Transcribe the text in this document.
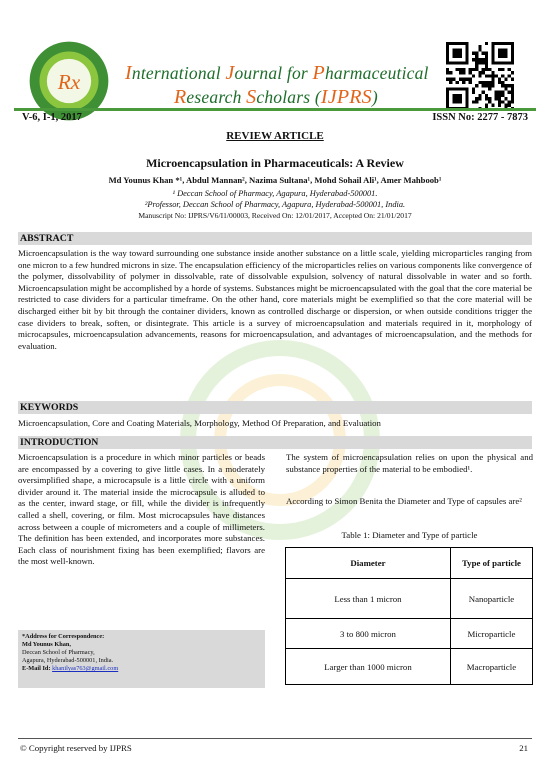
Rx International Journal for Pharmaceutical
Research Scholars (IJPRS)
V-6, I-1, 2017	ISSN No: 2277 - 7873
REVIEW ARTICLE
Microencapsulation in Pharmaceuticals: A Review
Md Younus Khan *¹, Abdul Mannan², Nazima Sultana¹, Mohd Sohail Ali¹, Amer Mahboob¹
¹ Deccan School of Pharmacy, Agapura, Hyderabad-500001.
²Professor, Deccan School of Pharmacy, Agapura, Hyderabad-500001, India.
Manuscript No: IJPRS/V6/I1/00003, Received On: 12/01/2017, Accepted On: 21/01/2017
ABSTRACT
Microencapsulation is the way toward surrounding one substance inside another substance on a little scale, yielding microparticles ranging from one micron to a few hundred microns in size. The encapsulation efficiency of the microparticles relies on various components like convergence of the polymer, dissolvability of polymer in dissolvable, rate of dissolvable expulsion, solvency of natural dissolvable in water and so forth. Microencapsulation might be accomplished by a horde of systems. Substances might be microencapsulated with the goal that the core material be restricted to case dividers for a particular timeframe. On the other hand, core materials might be exemplified so that the core material will be discharged either bit by bit through the container dividers, known as controlled discharge or dispersion, or when outside conditions trigger the case dividers to break, soften, or disintegrate. This article is a survey of microencapsulation and materials required in it, morphology of microcapsules, microencapsulation advancements, reasons for microencapsulation, and advantages of microencapsulation, and the methods for evaluation.
KEYWORDS
Microencapsulation, Core and Coating Materials, Morphology, Method Of Preparation, and Evaluation
INTRODUCTION
Microencapsulation is a procedure in which minor particles or beads are encompassed by a covering to give little cases. In a moderately oversimplified shape, a microcapsule is a little circle with a uniform divider around it. The material inside the microcapsule is alluded to as the center, inward stage, or fill, while the divider is infrequently called a shell, covering, or film. Most microcapsules have distances across between a couple of micrometers and a couple of millimeters. The definition has been extended, and incorporates more substances. Each class of nourishment fixing has been exemplified; flavors are the most well-known.
The system of microencapsulation relies on upon the physical and substance properties of the material to be embodied¹.
According to Simon Benita the Diameter and Type of capsules are²
*Address for Correspondence:
Md Younus Khan,
Deccan School of Pharmacy,
Agapura, Hyderabad-500001, India.
E-Mail Id: khanilyas763@gmail.com
Table 1: Diameter and Type of particle
Diameter	Type of particle
Less than 1 micron	Nanoparticle
3 to 800 micron	Microparticle
Larger than 1000 micron	Macroparticle
© Copyright reserved by IJPRS	21
